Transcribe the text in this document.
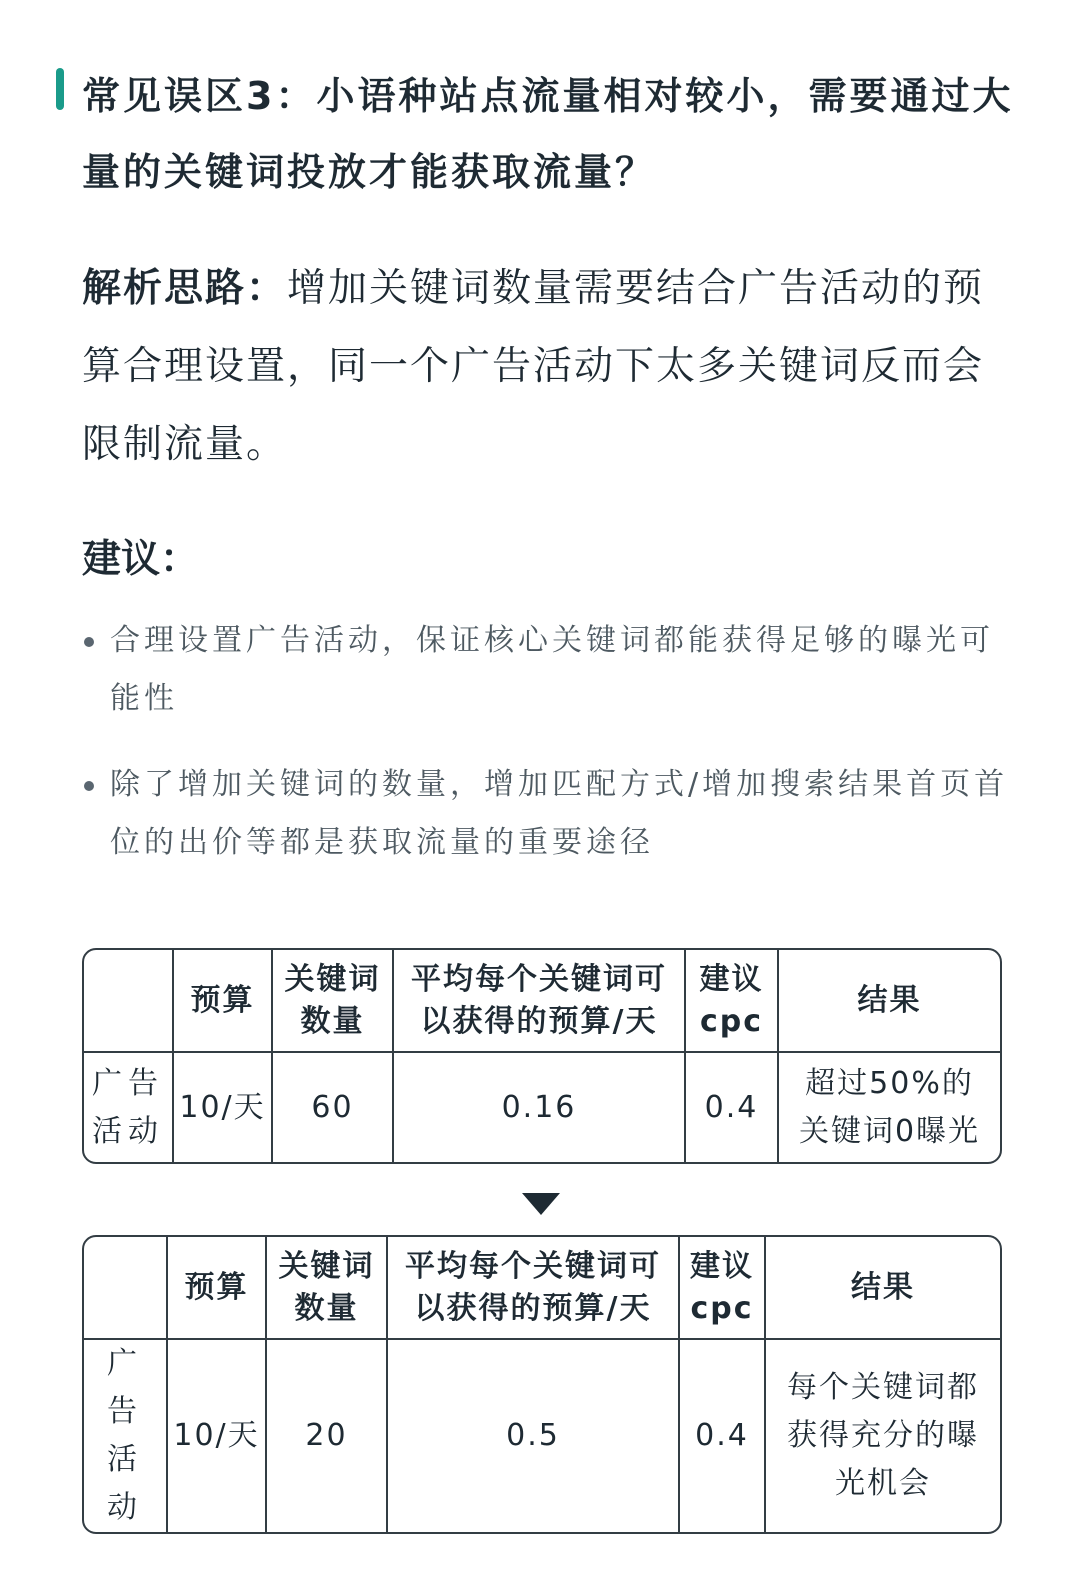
常见误区3：小语种站点流量相对较小，需要通过大量的关键词投放才能获取流量？

解析思路：增加关键词数量需要结合广告活动的预算合理设置，同一个广告活动下太多关键词反而会限制流量。

建议：
合理设置广告活动，保证核心关键词都能获得足够的曝光可能性
除了增加关键词的数量，增加匹配方式/增加搜索结果首页首位的出价等都是获取流量的重要途径
	预算	关键词数量	平均每个关键词可以获得的预算/天	建议cpc	结果
广告活动	10/天	60	0.16	0.4	超过50%的关键词0曝光
	预算	关键词数量	平均每个关键词可以获得的预算/天	建议cpc	结果
广告活动	10/天	20	0.5	0.4	每个关键词都获得充分的曝光机会
